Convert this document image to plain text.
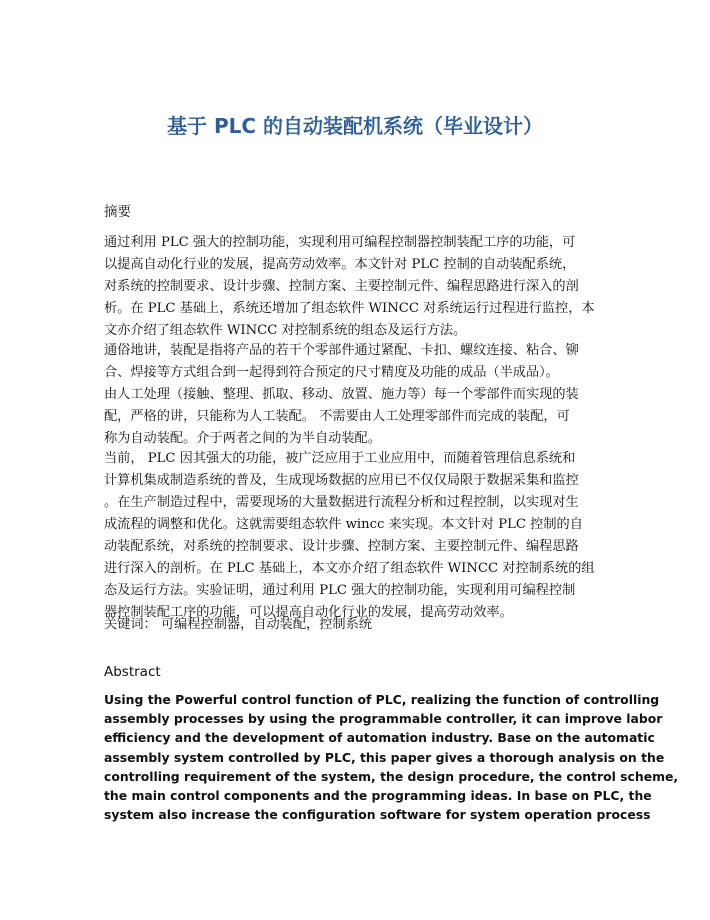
基于 PLC 的自动装配机系统（毕业设计）
摘要
通过利用 PLC 强大的控制功能，实现利用可编程控制器控制装配工序的功能，可
以提高自动化行业的发展，提高劳动效率。本文针对 PLC 控制的自动装配系统，
对系统的控制要求、设计步骤、控制方案、主要控制元件、编程思路进行深入的剖
析。在 PLC 基础上，系统还增加了组态软件 WINCC 对系统运行过程进行监控，本
文亦介绍了组态软件 WINCC 对控制系统的组态及运行方法。
通俗地讲，装配是指将产品的若干个零部件通过紧配、卡扣、螺纹连接、粘合、铆
合、焊接等方式组合到一起得到符合预定的尺寸精度及功能的成品（半成品）。
由人工处理（接触、整理、抓取、移动、放置、施力等）每一个零部件而实现的装
配，严格的讲，只能称为人工装配。 不需要由人工处理零部件而完成的装配，可
称为自动装配。介于两者之间的为半自动装配。
当前， PLC 因其强大的功能，被广泛应用于工业应用中，而随着管理信息系统和
计算机集成制造系统的普及，生成现场数据的应用已不仅仅局限于数据采集和监控
。在生产制造过程中，需要现场的大量数据进行流程分析和过程控制，以实现对生
成流程的调整和优化。这就需要组态软件 wincc 来实现。本文针对 PLC 控制的自
动装配系统，对系统的控制要求、设计步骤、控制方案、主要控制元件、编程思路
进行深入的剖析。在 PLC 基础上，本文亦介绍了组态软件 WINCC 对控制系统的组
态及运行方法。实验证明，通过利用 PLC 强大的控制功能，实现利用可编程控制
器控制装配工序的功能，可以提高自动化行业的发展，提高劳动效率。
关键词： 可编程控制器，自动装配，控制系统
Abstract
Using the Powerful control function of PLC, realizing the function of controlling
assembly processes by using the programmable controller, it can improve labor
efficiency and the development of automation industry. Base on the automatic
assembly system controlled by PLC, this paper gives a thorough analysis on the
controlling requirement of the system, the design procedure, the control scheme,
the main control components and the programming ideas. In base on PLC, the
system also increase the configuration software for system operation process
